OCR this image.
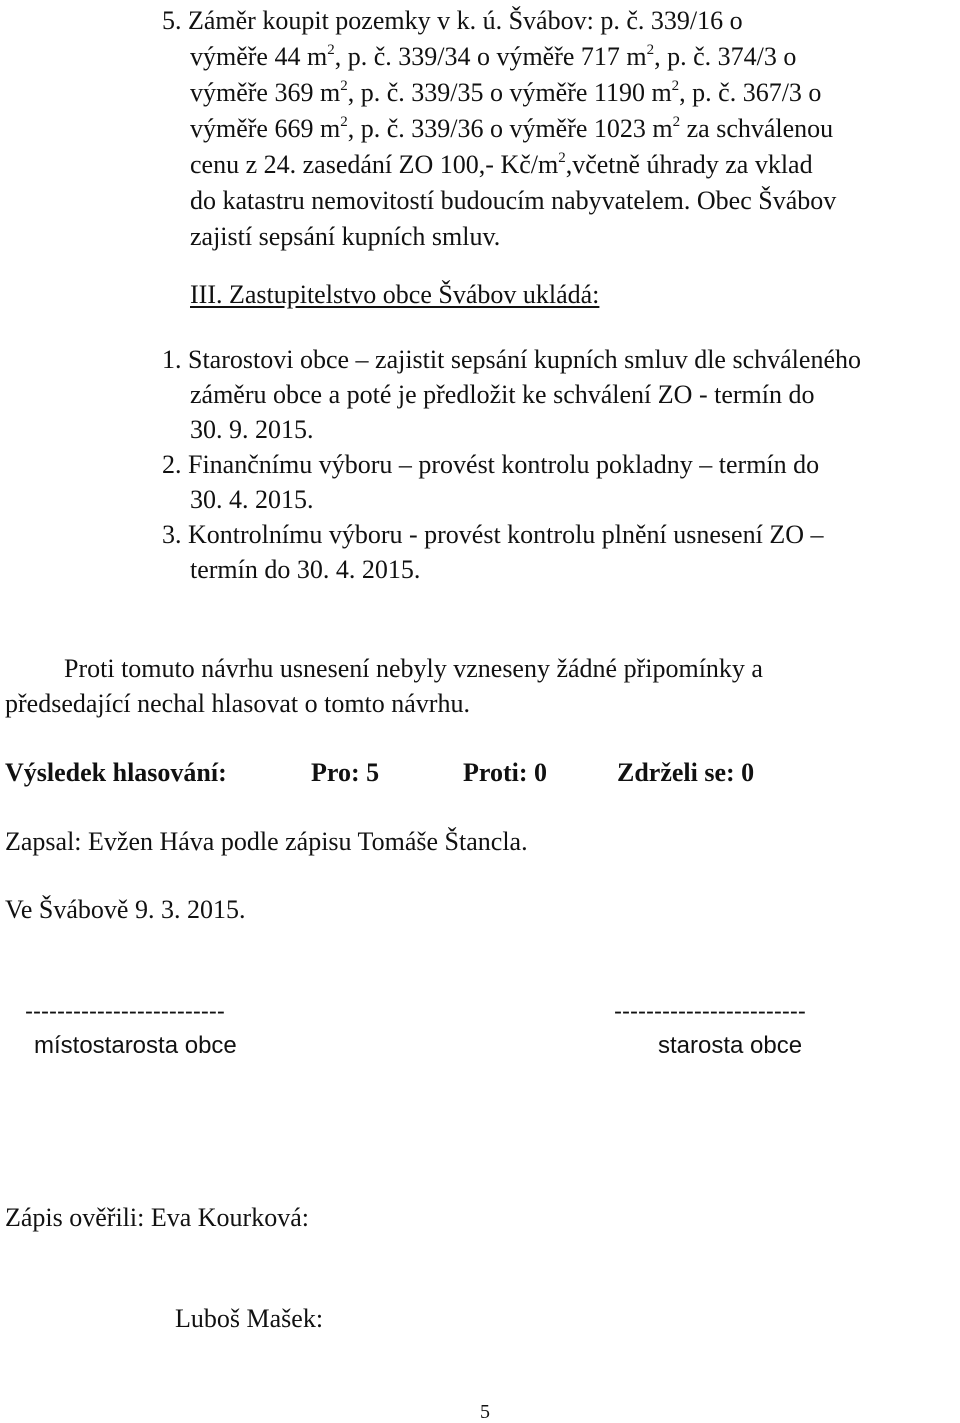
5. Záměr koupit pozemky v k. ú. Švábov: p. č. 339/16 o
výměře 44 $m^2$, p. č. 339/34 o výměře 717 $m^2$, p. č. 374/3 o
výměře 369 $m^2$, p. č. 339/35 o výměře 1190 $m^2$, p. č. 367/3 o
výměře 669 $m^2$, p. č. 339/36 o výměře 1023 $m^2$ za schválenou
cenu z 24. zasedání ZO 100,- $Kč/m^2,včetně$ úhrady za vklad
do katastru nemovitostí budoucím nabyvatelem. Obec Švábov
zajistí sepsání kupních smluv.
III. Zastupitelstvo obce Švábov ukládá:
1. Starostovi obce – zajistit sepsání kupních smluv dle schváleného
záměru obce a poté je předložit ke schválení ZO - termín do
30. 9. 2015.
2. Finančnímu výboru – provést kontrolu pokladny – termín do
30. 4. 2015.
3. Kontrolnímu výboru - provést kontrolu plnění usnesení ZO –
termín do 30. 4. 2015.
Proti tomuto návrhu usnesení nebyly vzneseny žádné připomínky a
předsedající nechal hlasovat o tomto návrhu.
Výsledek hlasování:	Pro: 5	Proti: 0	Zdrželi se: 0
Zapsal: Evžen Háva podle zápisu Tomáše Štancla.
Ve Švábově 9. 3. 2015.
-------------------------
místostarosta obce
------------------------
starosta obce
Zápis ověřili: Eva Kourková:
Luboš Mašek:
5
